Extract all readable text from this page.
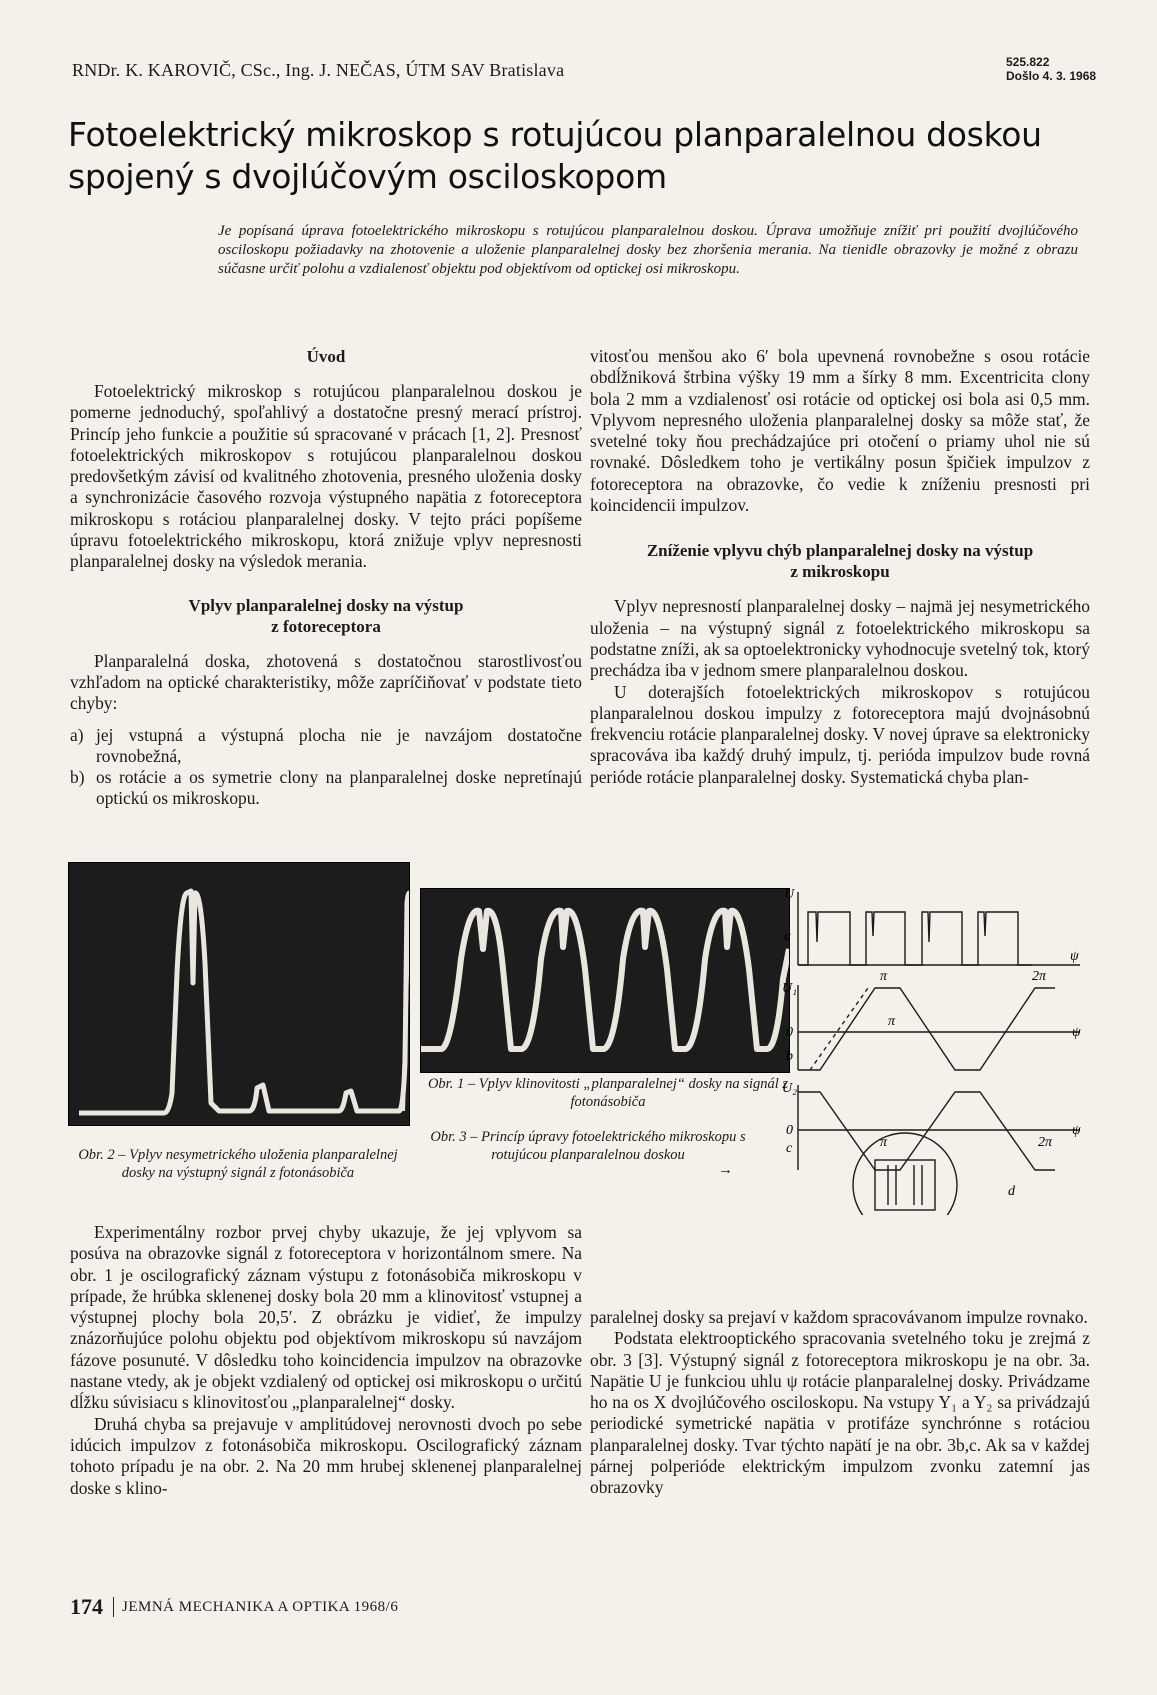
RNDr. K. KAROVIČ, CSc., Ing. J. NEČAS, ÚTM SAV Bratislava	525.822
Došlo 4. 3. 1968
Fotoelektrický mikroskop s rotujúcou planparalelnou doskou
spojený s dvojlúčovým osciloskopom
Je popísaná úprava fotoelektrického mikroskopu s rotujúcou planparalelnou doskou. Úprava umožňuje znížiť pri použití dvojlúčového osciloskopu požiadavky na zhotovenie a uloženie planparalelnej dosky bez zhoršenia merania. Na tienidle obrazovky je možné z obrazu súčasne určiť polohu a vzdialenosť objektu pod objektívom od optickej osi mikroskopu.
Úvod

Fotoelektrický mikroskop s rotujúcou planparalelnou doskou je pomerne jednoduchý, spoľahlivý a dostatočne presný merací prístroj. Princíp jeho funkcie a použitie sú spracované v prácach [1, 2]. Presnosť fotoelektrických mikroskopov s rotujúcou planparalelnou doskou predovšetkým závisí od kvalitného zhotovenia, presného uloženia dosky a synchronizácie časového rozvoja výstupného napätia z fotoreceptora mikroskopu s rotáciou planparalelnej dosky. V tejto práci popíšeme úpravu fotoelektrického mikroskopu, ktorá znižuje vplyv nepresnosti planparalelnej dosky na výsledok merania.

Vplyv planparalelnej dosky na výstup
z fotoreceptora

Planparalelná doska, zhotovená s dostatočnou starostlivosťou vzhľadom na optické charakteristiky, môže zapríčiňovať v podstate tieto chyby:

a) jej vstupná a výstupná plocha nie je navzájom dostatočne rovnobežná,
b) os rotácie a os symetrie clony na planparalelnej doske nepretínajú optickú os mikroskopu.

vitosťou menšou ako 6′ bola upevnená rovnobežne s osou rotácie obdĺžniková štrbina výšky 19 mm a šírky 8 mm. Excentricita clony bola 2 mm a vzdialenosť osi rotácie od optickej osi bola asi 0,5 mm. Vplyvom nepresného uloženia planparalelnej dosky sa môže stať, že svetelné toky ňou prechádzajúce pri otočení o priamy uhol nie sú rovnaké. Dôsledkem toho je vertikálny posun špičiek impulzov z fotoreceptora na obrazovke, čo vedie k zníženiu presnosti pri koincidencii impulzov.

Zníženie vplyvu chýb planparalelnej dosky na výstup
z mikroskopu

Vplyv nepresností planparalelnej dosky – najmä jej nesymetrického uloženia – na výstupný signál z fotoelektrického mikroskopu sa podstatne zníži, ak sa optoelektronicky vyhodnocuje svetelný tok, ktorý prechádza iba v jednom smere planparalelnou doskou.

U doterajších fotoelektrických mikroskopov s rotujúcou planparalelnou doskou impulzy z fotoreceptora majú dvojnásobnú frekvenciu rotácie planparalelnej dosky. V novej úprave sa elektronicky spracováva iba každý druhý impulz, tj. perióda impulzov bude rovná perióde rotácie planparalelnej dosky. Systematická chyba plan-

U
a
π	2π
ψ
U₁
0
b
π
ψ
U₂
0
c	π	2π
ψ
d
Obr. 1 – Vplyv klinovitosti „planparalelnej“ dosky na signál z fotonásobiča
Obr. 2 – Vplyv nesymetrického uloženia planparalelnej dosky na výstupný signál z fotonásobiča
Obr. 3 – Princíp úpravy fotoelektrického mikroskopu s rotujúcou planparalelnou doskou
→

Experimentálny rozbor prvej chyby ukazuje, že jej vplyvom sa posúva na obrazovke signál z fotoreceptora v horizontálnom smere. Na obr. 1 je oscilografický záznam výstupu z fotonásobiča mikroskopu v prípade, že hrúbka sklenenej dosky bola 20 mm a klinovitosť vstupnej a výstupnej plochy bola 20,5′. Z obrázku je vidieť, že impulzy znázorňujúce polohu objektu pod objektívom mikroskopu sú navzájom fázove posunuté. V dôsledku toho koincidencia impulzov na obrazovke nastane vtedy, ak je objekt vzdialený od optickej osi mikroskopu o určitú dĺžku súvisiacu s klinovitosťou „planparalelnej“ dosky.

Druhá chyba sa prejavuje v amplitúdovej nerovnosti dvoch po sebe idúcich impulzov z fotonásobiča mikroskopu. Oscilografický záznam tohoto prípadu je na obr. 2. Na 20 mm hrubej sklenenej planparalelnej doske s klino-

paralelnej dosky sa prejaví v každom spracovávanom impulze rovnako.

Podstata elektrooptického spracovania svetelného toku je zrejmá z obr. 3 [3]. Výstupný signál z fotoreceptora mikroskopu je na obr. 3a. Napätie U je funkciou uhlu ψ rotácie planparalelnej dosky. Privádzame ho na os X dvojlúčového osciloskopu. Na vstupy Y₁ a Y₂ sa privádzajú periodické symetrické napätia v protifáze synchrónne s rotáciou planparalelnej dosky. Tvar týchto napätí je na obr. 3b,c. Ak sa v každej párnej polperióde elektrickým impulzom zvonku zatemní jas obrazovky

174 JEMNÁ MECHANIKA A OPTIKA 1968/6
